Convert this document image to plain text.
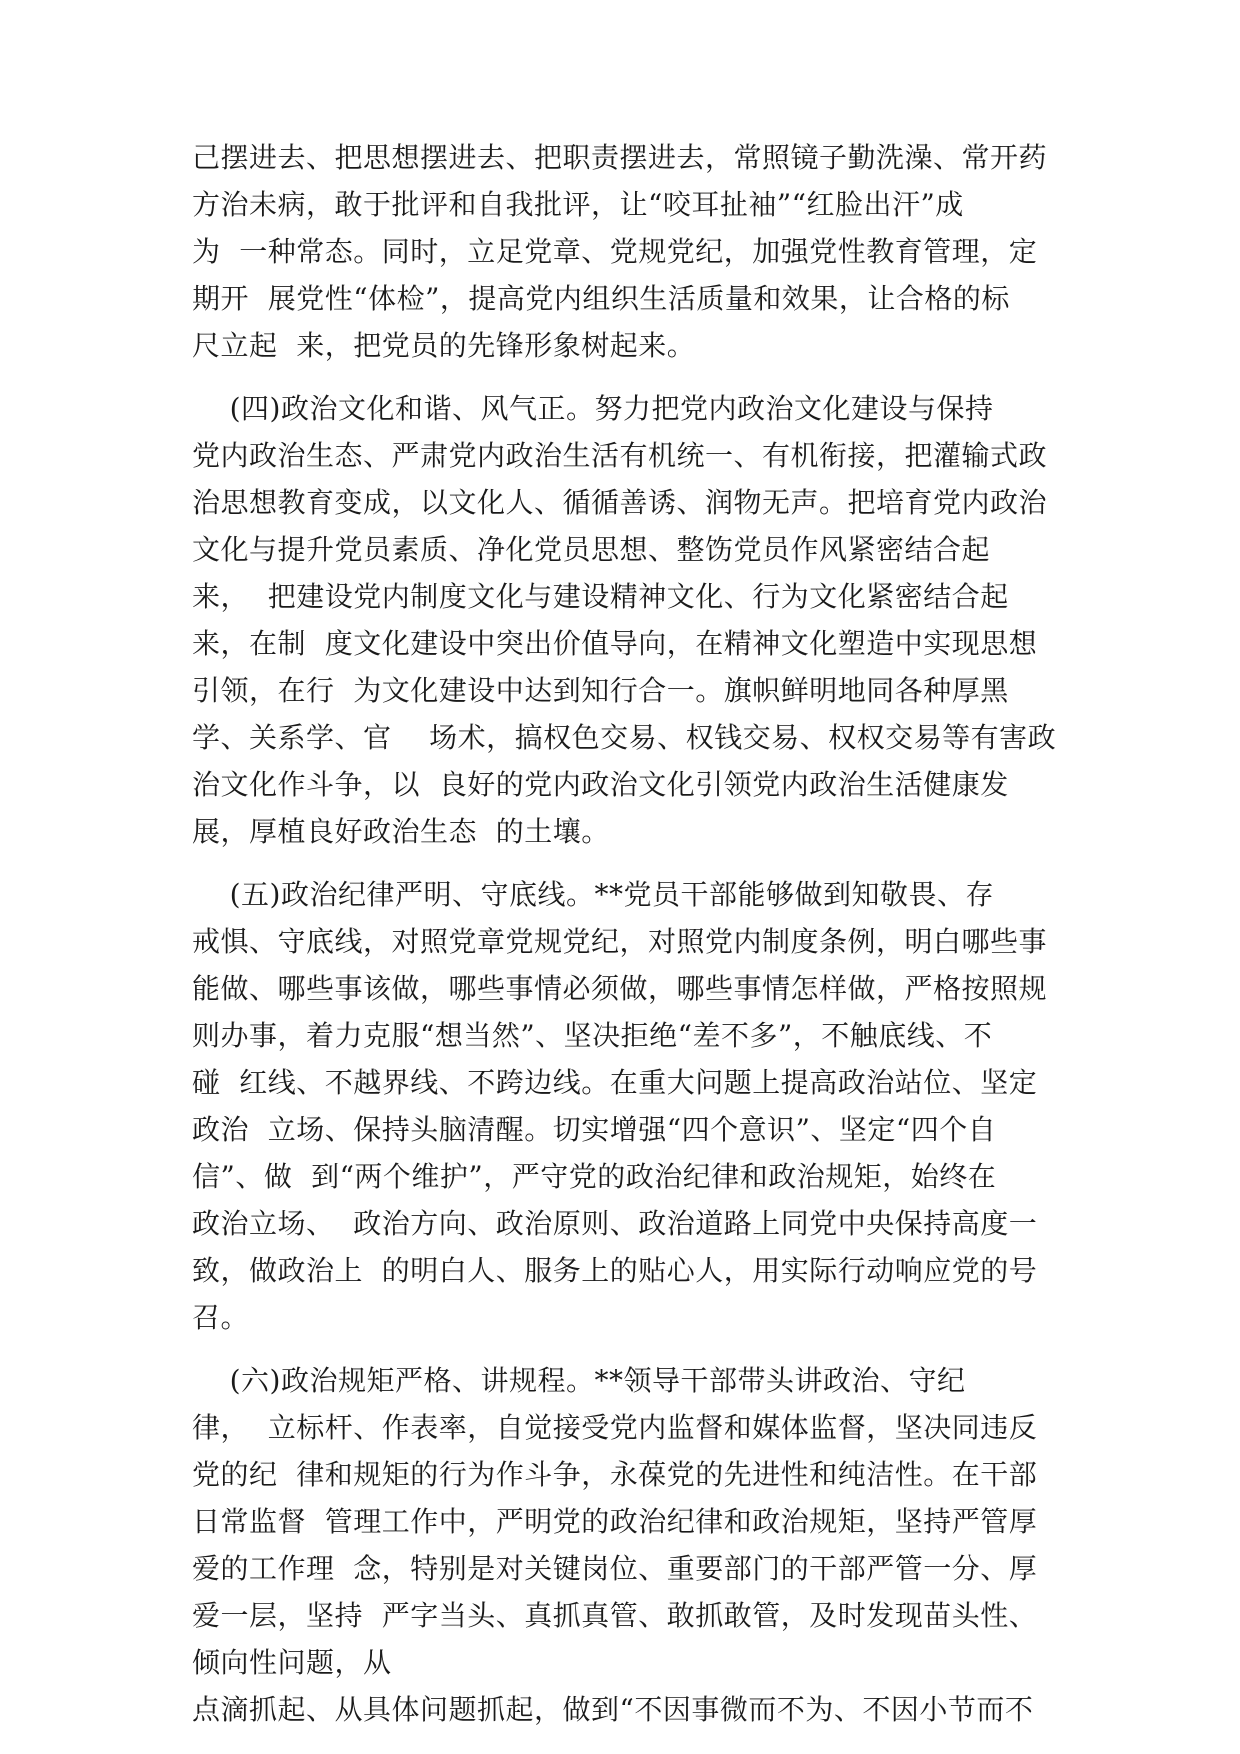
己摆进去、把思想摆进去、把职责摆进去，常照镜子勤洗澡、常开药
方治未病，敢于批评和自我批评，让“咬耳扯袖”“红脸出汗”成
为  一种常态。同时，立足党章、党规党纪，加强党性教育管理，定
期开  展党性“体检”，提高党内组织生活质量和效果，让合格的标
尺立起  来，把党员的先锋形象树起来。
(四)政治文化和谐、风气正。努力把党内政治文化建设与保持
党内政治生态、严肃党内政治生活有机统一、有机衔接，把灌输式政
治思想教育变成，以文化人、循循善诱、润物无声。把培育党内政治
文化与提升党员素质、净化党员思想、整饬党员作风紧密结合起
来，  把建设党内制度文化与建设精神文化、行为文化紧密结合起
来，在制  度文化建设中突出价值导向，在精神文化塑造中实现思想
引领，在行  为文化建设中达到知行合一。旗帜鲜明地同各种厚黑
学、关系学、官    场术，搞权色交易、权钱交易、权权交易等有害政
治文化作斗争，以  良好的党内政治文化引领党内政治生活健康发
展，厚植良好政治生态  的土壤。
(五)政治纪律严明、守底线。**党员干部能够做到知敬畏、存
戒惧、守底线，对照党章党规党纪，对照党内制度条例，明白哪些事
能做、哪些事该做，哪些事情必须做，哪些事情怎样做，严格按照规
则办事，着力克服“想当然”、坚决拒绝“差不多”，不触底线、不
碰  红线、不越界线、不跨边线。在重大问题上提高政治站位、坚定
政治  立场、保持头脑清醒。切实增强“四个意识”、坚定“四个自
信”、做  到“两个维护”，严守党的政治纪律和政治规矩，始终在
政治立场、  政治方向、政治原则、政治道路上同党中央保持高度一
致，做政治上  的明白人、服务上的贴心人，用实际行动响应党的号
召。
(六)政治规矩严格、讲规程。**领导干部带头讲政治、守纪
律，  立标杆、作表率，自觉接受党内监督和媒体监督，坚决同违反
党的纪  律和规矩的行为作斗争，永葆党的先进性和纯洁性。在干部
日常监督  管理工作中，严明党的政治纪律和政治规矩，坚持严管厚
爱的工作理  念，特别是对关键岗位、重要部门的干部严管一分、厚
爱一层，坚持  严字当头、真抓真管、敢抓敢管，及时发现苗头性、
倾向性问题，从
点滴抓起、从具体问题抓起，做到“不因事微而不为、不因小节而不
